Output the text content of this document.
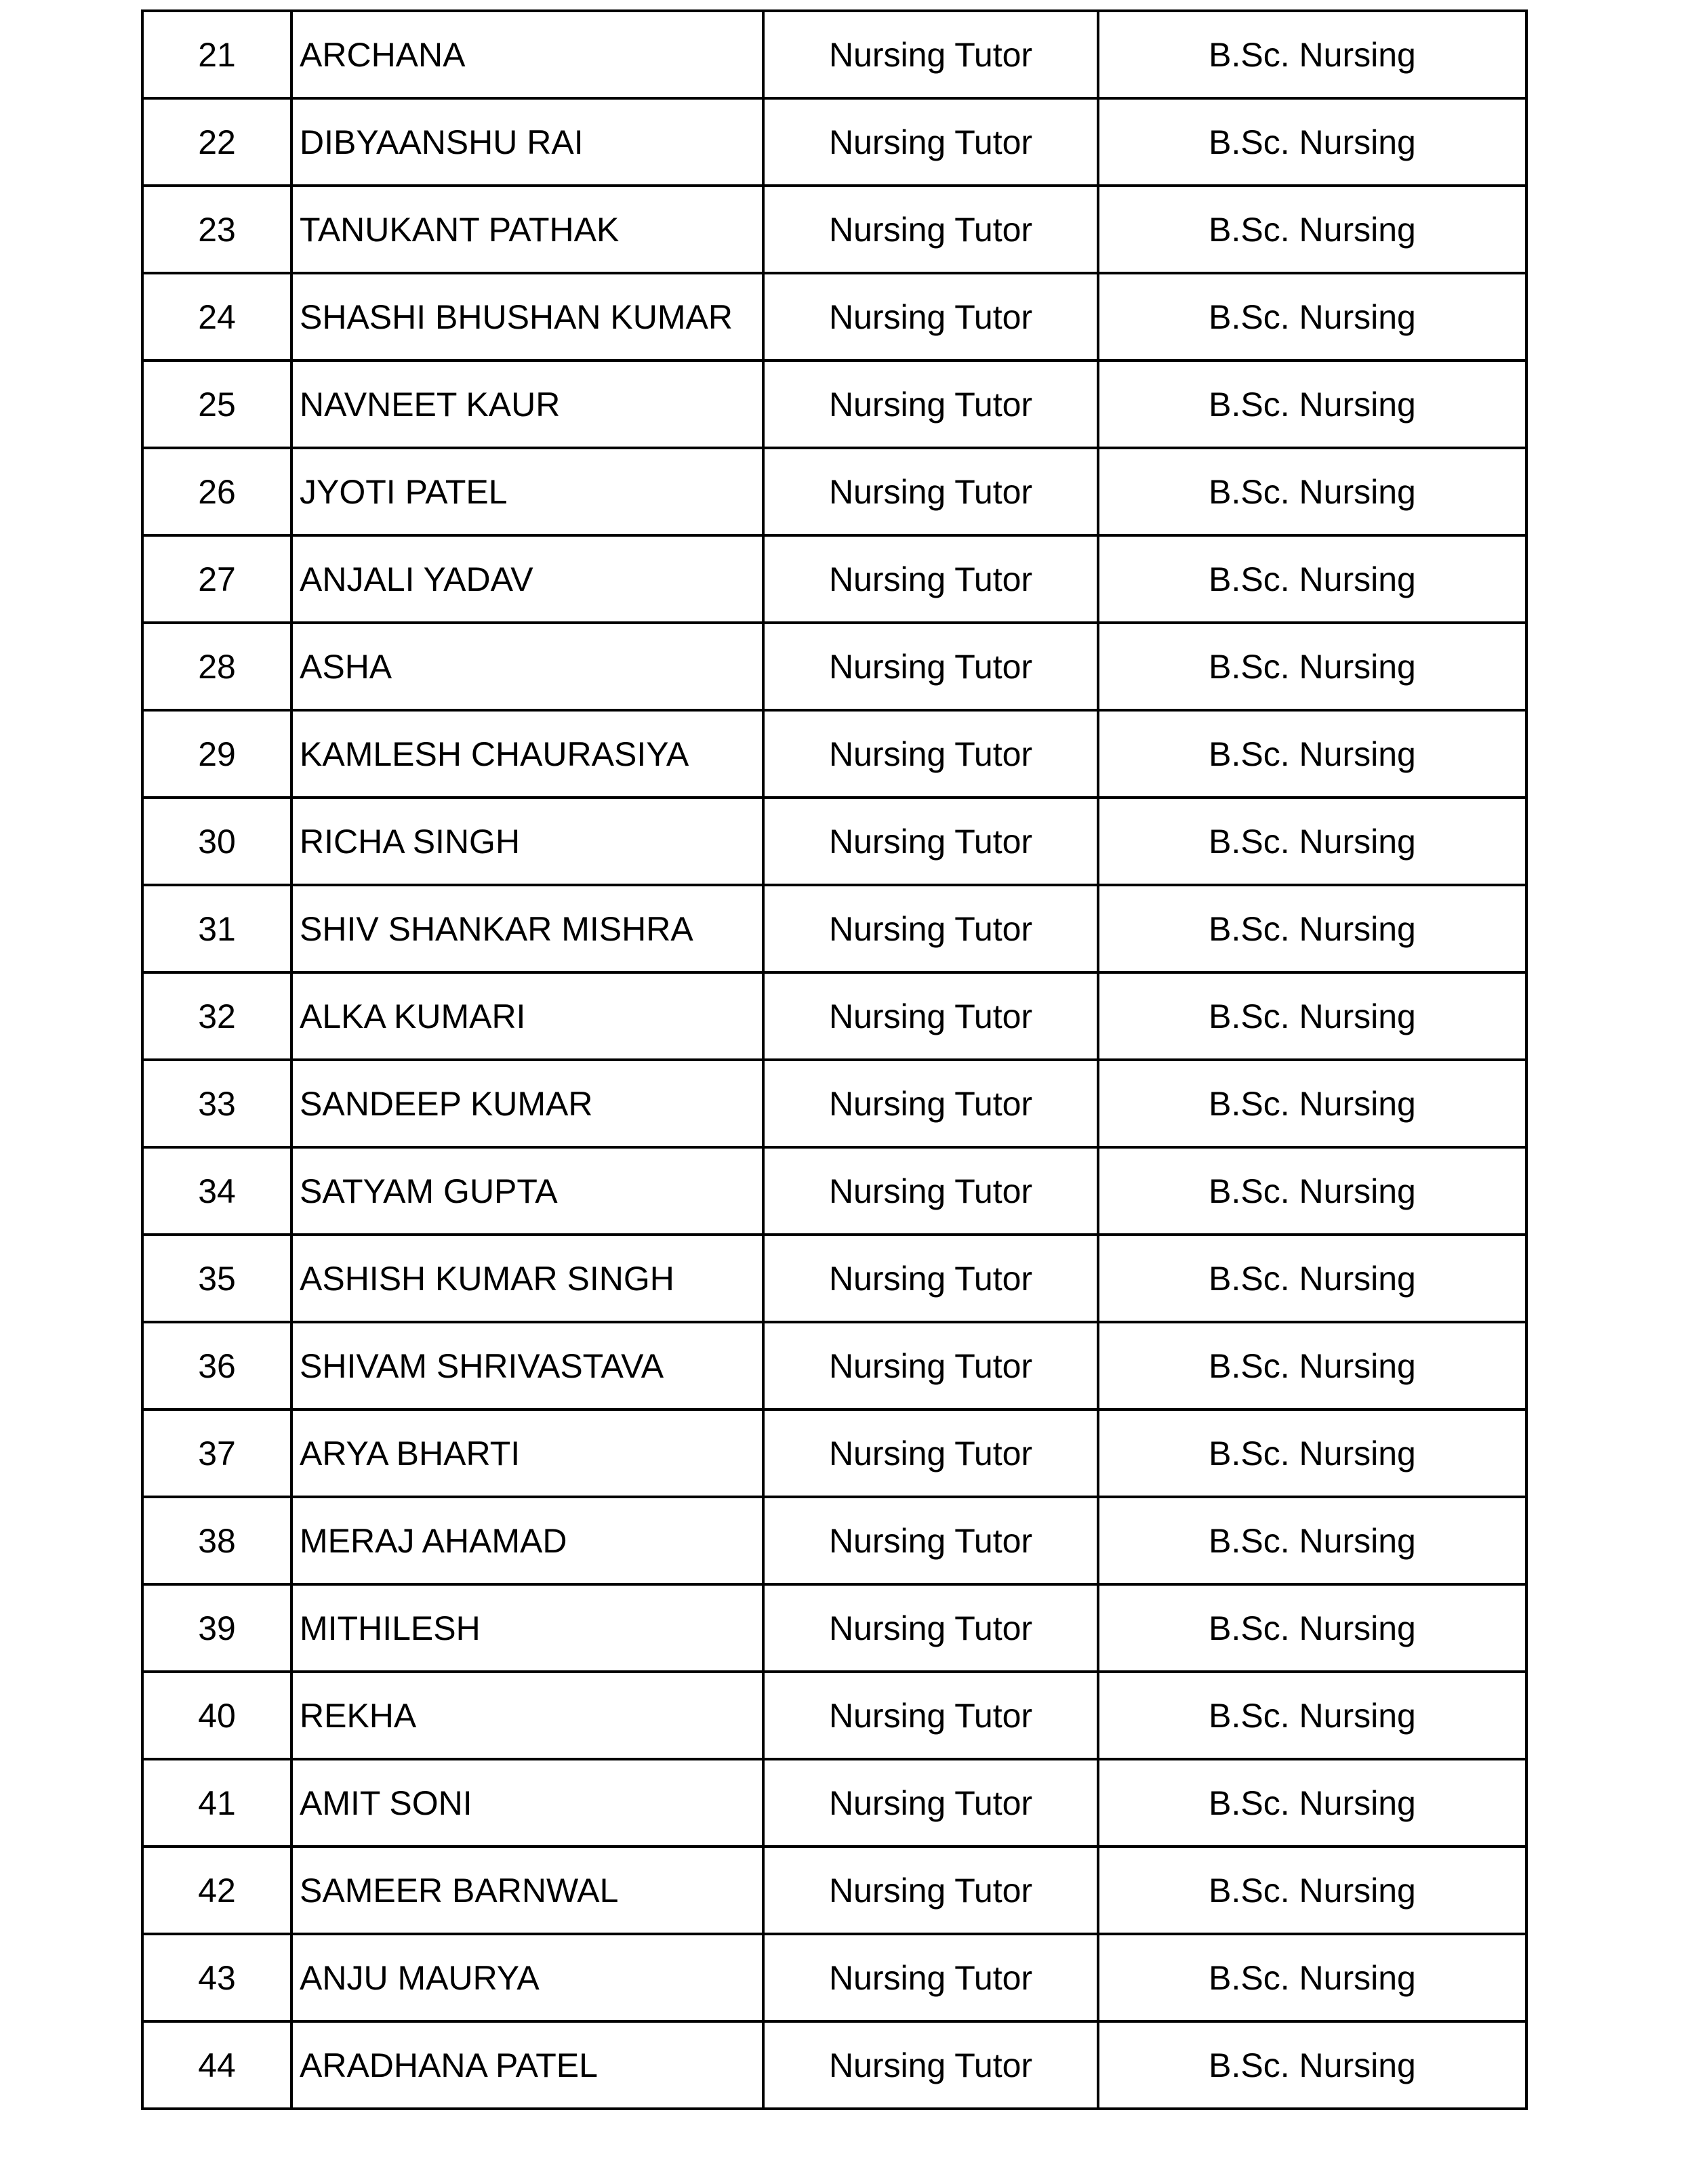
21	ARCHANA	Nursing Tutor	B.Sc. Nursing
22	DIBYAANSHU RAI	Nursing Tutor	B.Sc. Nursing
23	TANUKANT PATHAK	Nursing Tutor	B.Sc. Nursing
24	SHASHI BHUSHAN KUMAR	Nursing Tutor	B.Sc. Nursing
25	NAVNEET KAUR	Nursing Tutor	B.Sc. Nursing
26	JYOTI PATEL	Nursing Tutor	B.Sc. Nursing
27	ANJALI YADAV	Nursing Tutor	B.Sc. Nursing
28	ASHA	Nursing Tutor	B.Sc. Nursing
29	KAMLESH CHAURASIYA	Nursing Tutor	B.Sc. Nursing
30	RICHA SINGH	Nursing Tutor	B.Sc. Nursing
31	SHIV SHANKAR MISHRA	Nursing Tutor	B.Sc. Nursing
32	ALKA KUMARI	Nursing Tutor	B.Sc. Nursing
33	SANDEEP KUMAR	Nursing Tutor	B.Sc. Nursing
34	SATYAM GUPTA	Nursing Tutor	B.Sc. Nursing
35	ASHISH KUMAR SINGH	Nursing Tutor	B.Sc. Nursing
36	SHIVAM SHRIVASTAVA	Nursing Tutor	B.Sc. Nursing
37	ARYA BHARTI	Nursing Tutor	B.Sc. Nursing
38	MERAJ AHAMAD	Nursing Tutor	B.Sc. Nursing
39	MITHILESH	Nursing Tutor	B.Sc. Nursing
40	REKHA	Nursing Tutor	B.Sc. Nursing
41	AMIT SONI	Nursing Tutor	B.Sc. Nursing
42	SAMEER BARNWAL	Nursing Tutor	B.Sc. Nursing
43	ANJU MAURYA	Nursing Tutor	B.Sc. Nursing
44	ARADHANA PATEL	Nursing Tutor	B.Sc. Nursing
